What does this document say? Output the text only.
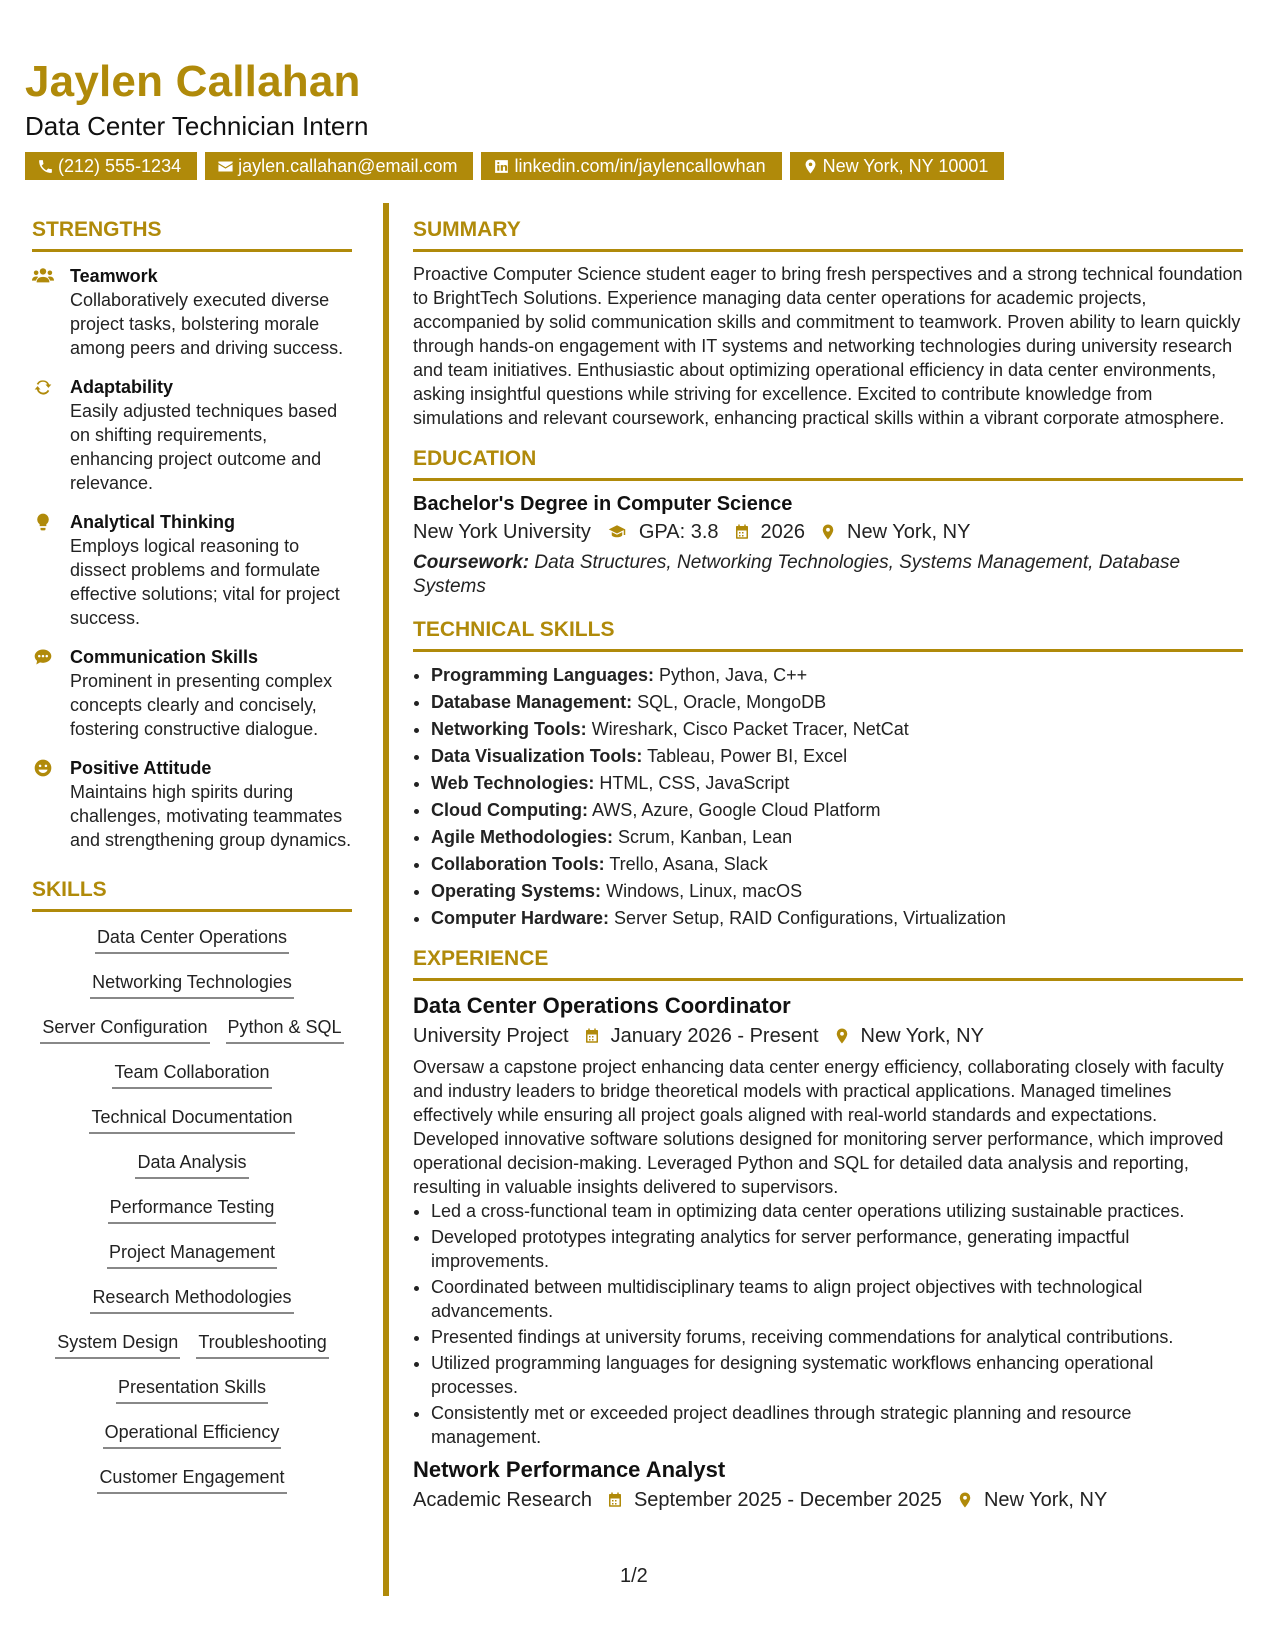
Jaylen Callahan
Data Center Technician Intern
(212) 555-1234	jaylen.callahan@email.com	linkedin.com/in/jaylencallowhan	New York, NY 10001
STRENGTHS
Teamwork
Collaboratively executed diverse project tasks, bolstering morale among peers and driving success.
Adaptability
Easily adjusted techniques based on shifting requirements, enhancing project outcome and relevance.
Analytical Thinking
Employs logical reasoning to dissect problems and formulate effective solutions; vital for project success.
Communication Skills
Prominent in presenting complex concepts clearly and concisely, fostering constructive dialogue.
Positive Attitude
Maintains high spirits during challenges, motivating teammates and strengthening group dynamics.
SKILLS
Data Center Operations
Networking Technologies
Server Configuration Python & SQL
Team Collaboration
Technical Documentation
Data Analysis
Performance Testing
Project Management
Research Methodologies
System Design Troubleshooting
Presentation Skills
Operational Efficiency
Customer Engagement
SUMMARY

Proactive Computer Science student eager to bring fresh perspectives and a strong technical foundation to BrightTech Solutions. Experience managing data center operations for academic projects, accompanied by solid communication skills and commitment to teamwork. Proven ability to learn quickly through hands-on engagement with IT systems and networking technologies during university research and team initiatives. Enthusiastic about optimizing operational efficiency in data center environments, asking insightful questions while striving for excellence. Excited to contribute knowledge from simulations and relevant coursework, enhancing practical skills within a vibrant corporate atmosphere.

EDUCATION
Bachelor's Degree in Computer Science
New York University GPA: 3.8 2026 New York, NY
Coursework: Data Structures, Networking Technologies, Systems Management, Database Systems
TECHNICAL SKILLS
• Programming Languages: Python, Java, C++
• Database Management: SQL, Oracle, MongoDB
• Networking Tools: Wireshark, Cisco Packet Tracer, NetCat
• Data Visualization Tools: Tableau, Power BI, Excel
• Web Technologies: HTML, CSS, JavaScript
• Cloud Computing: AWS, Azure, Google Cloud Platform
• Agile Methodologies: Scrum, Kanban, Lean
• Collaboration Tools: Trello, Asana, Slack
• Operating Systems: Windows, Linux, macOS
• Computer Hardware: Server Setup, RAID Configurations, Virtualization
EXPERIENCE
Data Center Operations Coordinator
University Project January 2026 - Present New York, NY
Oversaw a capstone project enhancing data center energy efficiency, collaborating closely with faculty and industry leaders to bridge theoretical models with practical applications. Managed timelines effectively while ensuring all project goals aligned with real-world standards and expectations. Developed innovative software solutions designed for monitoring server performance, which improved operational decision-making. Leveraged Python and SQL for detailed data analysis and reporting, resulting in valuable insights delivered to supervisors.
• Led a cross-functional team in optimizing data center operations utilizing sustainable practices.
• Developed prototypes integrating analytics for server performance, generating impactful improvements.
• Coordinated between multidisciplinary teams to align project objectives with technological advancements.
• Presented findings at university forums, receiving commendations for analytical contributions.
• Utilized programming languages for designing systematic workflows enhancing operational processes.
• Consistently met or exceeded project deadlines through strategic planning and resource management.
Network Performance Analyst
Academic Research September 2025 - December 2025 New York, NY
1/2
